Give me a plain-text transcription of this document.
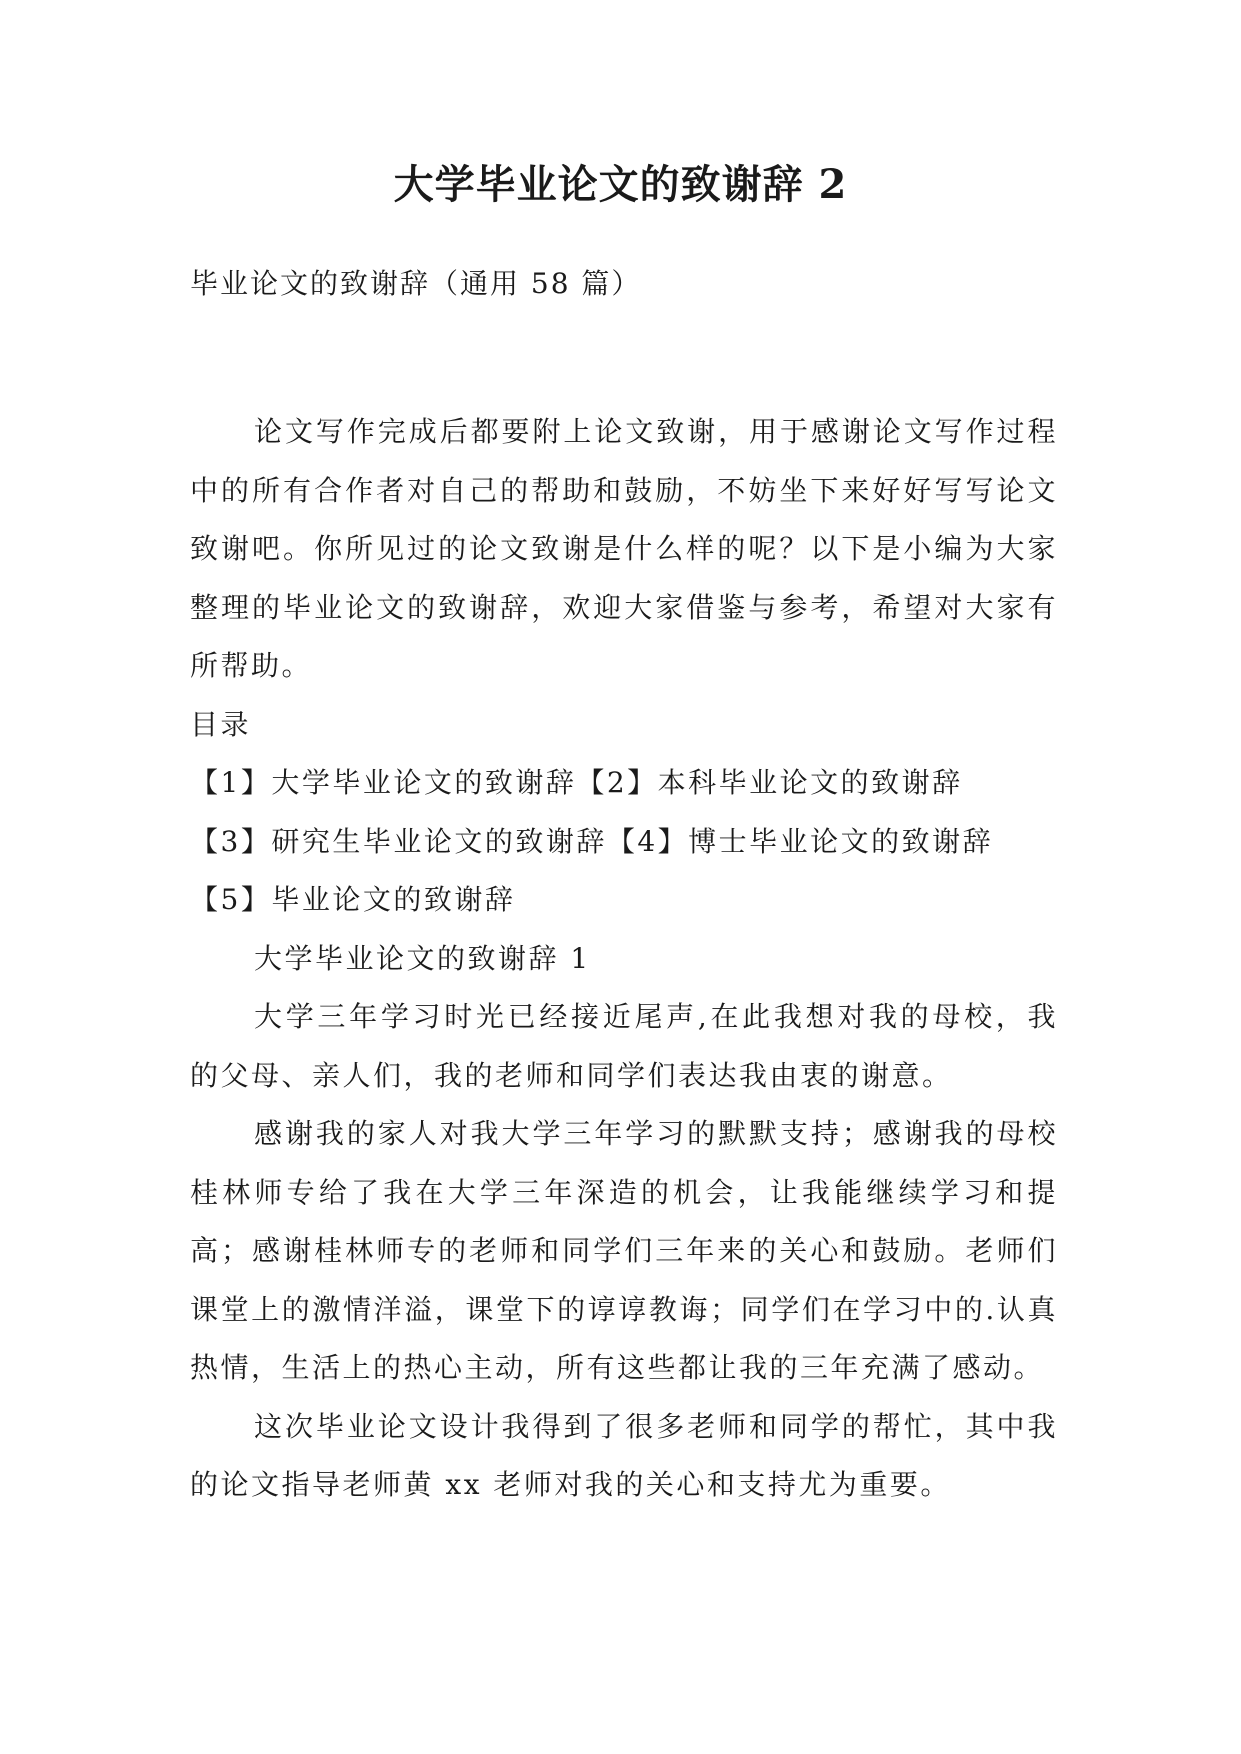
大学毕业论文的致谢辞 2
毕业论文的致谢辞（通用 58 篇）

论文写作完成后都要附上论文致谢，用于感谢论文写作过程中的所有合作者对自己的帮助和鼓励，不妨坐下来好好写写论文致谢吧。你所见过的论文致谢是什么样的呢？以下是小编为大家整理的毕业论文的致谢辞，欢迎大家借鉴与参考，希望对大家有所帮助。

目录

【1】大学毕业论文的致谢辞【2】本科毕业论文的致谢辞

【3】研究生毕业论文的致谢辞【4】博士毕业论文的致谢辞

【5】毕业论文的致谢辞

大学毕业论文的致谢辞 1

大学三年学习时光已经接近尾声,在此我想对我的母校，我的父母、亲人们，我的老师和同学们表达我由衷的谢意。

感谢我的家人对我大学三年学习的默默支持；感谢我的母校桂林师专给了我在大学三年深造的机会，让我能继续学习和提高；感谢桂林师专的老师和同学们三年来的关心和鼓励。老师们课堂上的激情洋溢，课堂下的谆谆教诲；同学们在学习中的.认真热情，生活上的热心主动，所有这些都让我的三年充满了感动。

这次毕业论文设计我得到了很多老师和同学的帮忙，其中我的论文指导老师黄 xx 老师对我的关心和支持尤为重要。
